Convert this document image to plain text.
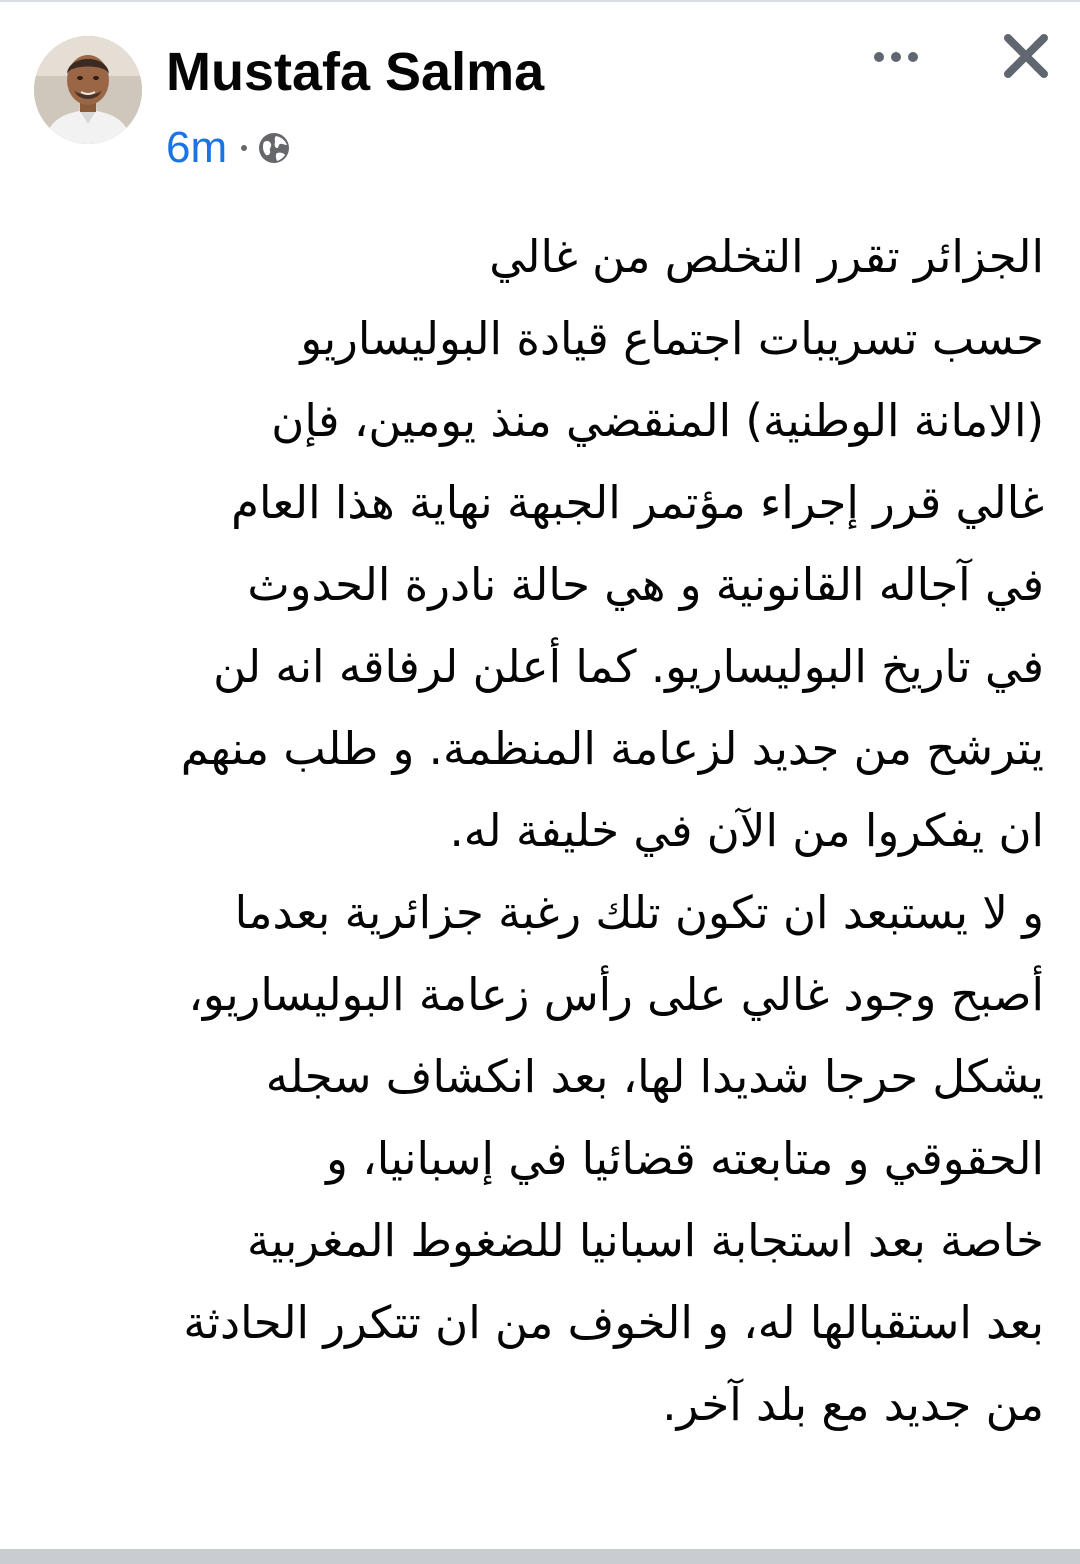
Mustafa Salma
6m
الجزائر تقرر التخلص من غالي
حسب تسريبات اجتماع قيادة البوليساريو
(الامانة الوطنية) المنقضي منذ يومين، فإن
غالي قرر إجراء مؤتمر الجبهة نهاية هذا العام
في آجاله القانونية و هي حالة نادرة الحدوث
في تاريخ البوليساريو. كما أعلن لرفاقه انه لن
يترشح من جديد لزعامة المنظمة. و طلب منهم
ان يفكروا من الآن في خليفة له.
و لا يستبعد ان تكون تلك رغبة جزائرية بعدما
أصبح وجود غالي على رأس زعامة البوليساريو،
يشكل حرجا شديدا لها، بعد انكشاف سجله
الحقوقي و متابعته قضائيا في إسبانيا، و
خاصة بعد استجابة اسبانيا للضغوط المغربية
بعد استقبالها له، و الخوف من ان تتكرر الحادثة
من جديد مع بلد آخر.
